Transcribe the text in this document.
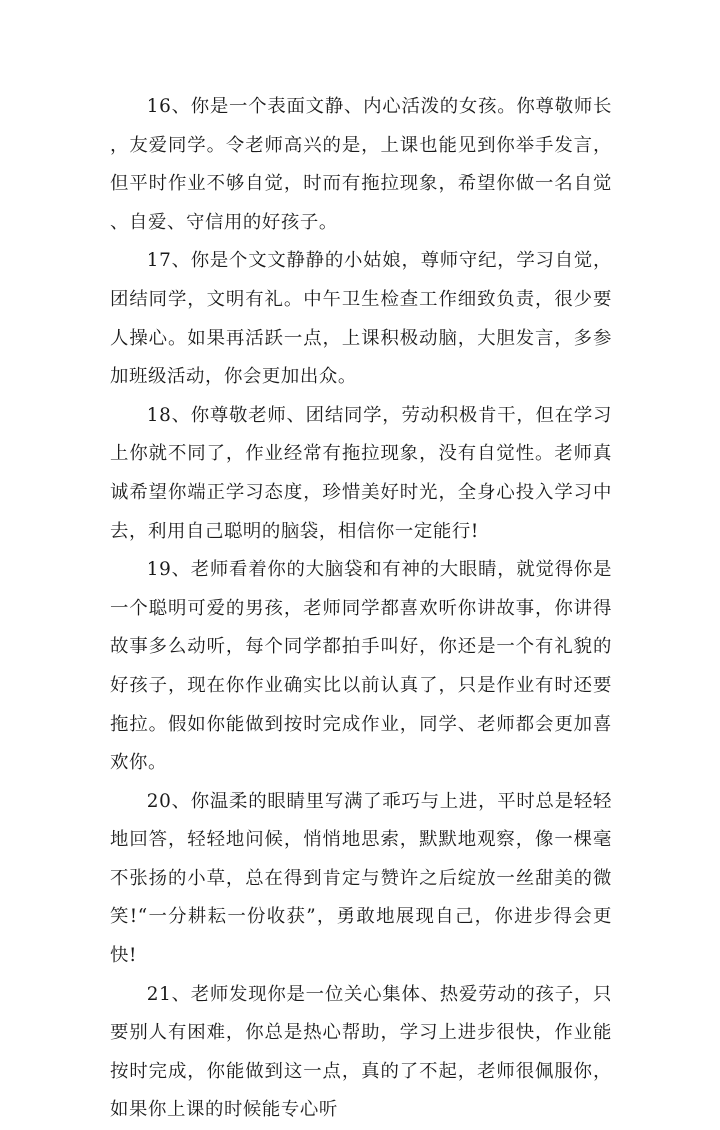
16、你是一个表面文静、内心活泼的女孩。你尊敬师长，友爱同学。令老师高兴的是，上课也能见到你举手发言，但平时作业不够自觉，时而有拖拉现象，希望你做一名自觉、自爱、守信用的好孩子。

17、你是个文文静静的小姑娘，尊师守纪，学习自觉，团结同学，文明有礼。中午卫生检查工作细致负责，很少要人操心。如果再活跃一点，上课积极动脑，大胆发言，多参加班级活动，你会更加出众。

18、你尊敬老师、团结同学，劳动积极肯干，但在学习上你就不同了，作业经常有拖拉现象，没有自觉性。老师真诚希望你端正学习态度，珍惜美好时光，全身心投入学习中去，利用自己聪明的脑袋，相信你一定能行!

19、老师看着你的大脑袋和有神的大眼睛，就觉得你是一个聪明可爱的男孩，老师同学都喜欢听你讲故事，你讲得故事多么动听，每个同学都拍手叫好，你还是一个有礼貌的好孩子，现在你作业确实比以前认真了，只是作业有时还要拖拉。假如你能做到按时完成作业，同学、老师都会更加喜欢你。

20、你温柔的眼睛里写满了乖巧与上进，平时总是轻轻地回答，轻轻地问候，悄悄地思索，默默地观察，像一棵毫不张扬的小草，总在得到肯定与赞许之后绽放一丝甜美的微笑!“一分耕耘一份收获”，勇敢地展现自己，你进步得会更快!

21、老师发现你是一位关心集体、热爱劳动的孩子，只要别人有困难，你总是热心帮助，学习上进步很快，作业能按时完成，你能做到这一点，真的了不起，老师很佩服你，如果你上课的时候能专心听
